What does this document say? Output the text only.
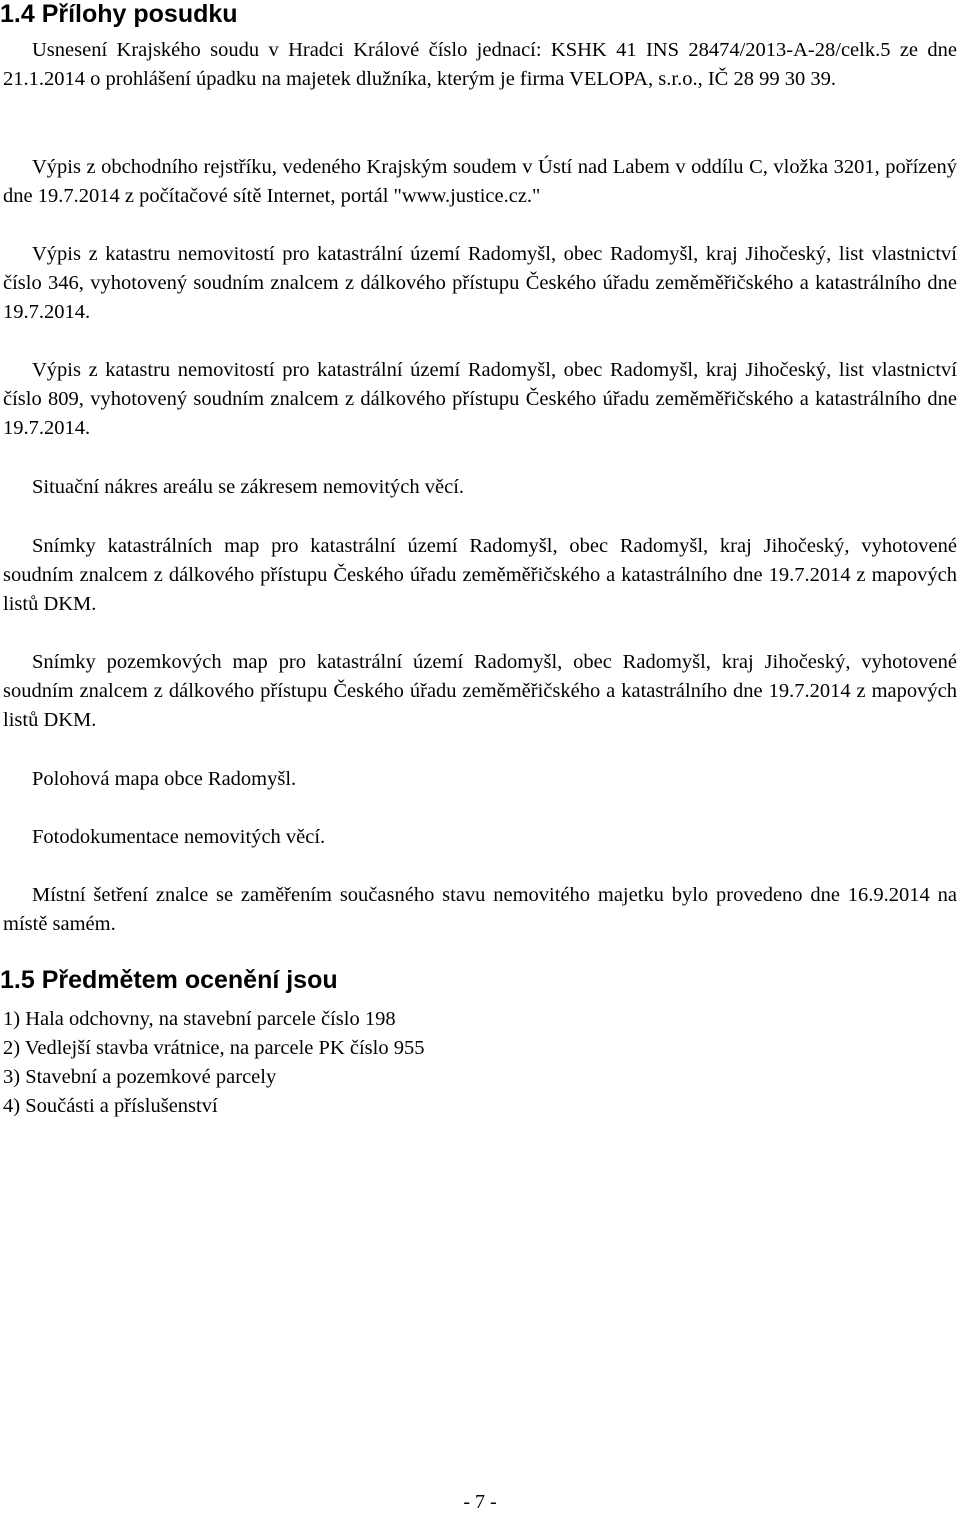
1.4 Přílohy posudku

Usnesení Krajského soudu v Hradci Králové číslo jednací: KSHK 41 INS 28474/2013-A-28/celk.5 ze dne 21.1.2014 o prohlášení úpadku na majetek dlužníka, kterým je firma VELOPA, s.r.o., IČ 28 99 30 39.

Výpis z obchodního rejstříku, vedeného Krajským soudem v Ústí nad Labem v oddílu C, vložka 3201, pořízený dne 19.7.2014 z počítačové sítě Internet, portál "www.justice.cz."

Výpis z katastru nemovitostí pro katastrální území Radomyšl, obec Radomyšl, kraj Jihočeský, list vlastnictví číslo 346, vyhotovený soudním znalcem z dálkového přístupu Českého úřadu zeměměřičského a katastrálního dne 19.7.2014.

Výpis z katastru nemovitostí pro katastrální území Radomyšl, obec Radomyšl, kraj Jihočeský, list vlastnictví číslo 809, vyhotovený soudním znalcem z dálkového přístupu Českého úřadu zeměměřičského a katastrálního dne 19.7.2014.

Situační nákres areálu se zákresem nemovitých věcí.

Snímky katastrálních map pro katastrální území Radomyšl, obec Radomyšl, kraj Jihočeský, vyhotovené soudním znalcem z dálkového přístupu Českého úřadu zeměměřičského a katastrálního dne 19.7.2014 z mapových listů DKM.

Snímky pozemkových map pro katastrální území Radomyšl, obec Radomyšl, kraj Jihočeský, vyhotovené soudním znalcem z dálkového přístupu Českého úřadu zeměměřičského a katastrálního dne 19.7.2014 z mapových listů DKM.

Polohová mapa obce Radomyšl.

Fotodokumentace nemovitých věcí.

Místní šetření znalce se zaměřením současného stavu nemovitého majetku bylo provedeno dne 16.9.2014 na místě samém.

1.5 Předmětem ocenění jsou
1) Hala odchovny, na stavební parcele číslo 198
2) Vedlejší stavba vrátnice, na parcele PK číslo 955
3) Stavební a pozemkové parcely
4) Součásti a příslušenství
- 7 -
